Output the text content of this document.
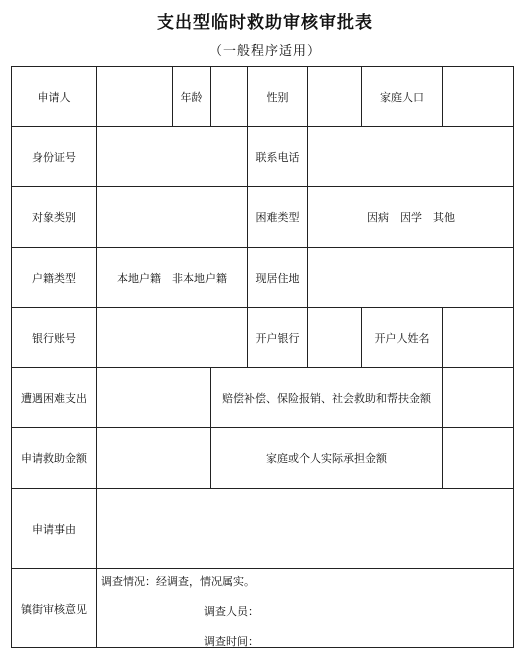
支出型临时救助审核审批表
（一般程序适用）
申请人	年龄	性别	家庭人口
身份证号	联系电话
对象类别	困难类型	因病　因学　其他
户籍类型	本地户籍　非本地户籍	现居住地
银行账号	开户银行	开户人姓名
遭遇困难支出	赔偿补偿、保险报销、社会救助和帮扶金额
申请救助金额	家庭或个人实际承担金额
申请事由
镇街审核意见
调查情况：经调查，情况属实。
调查人员：
调查时间：
